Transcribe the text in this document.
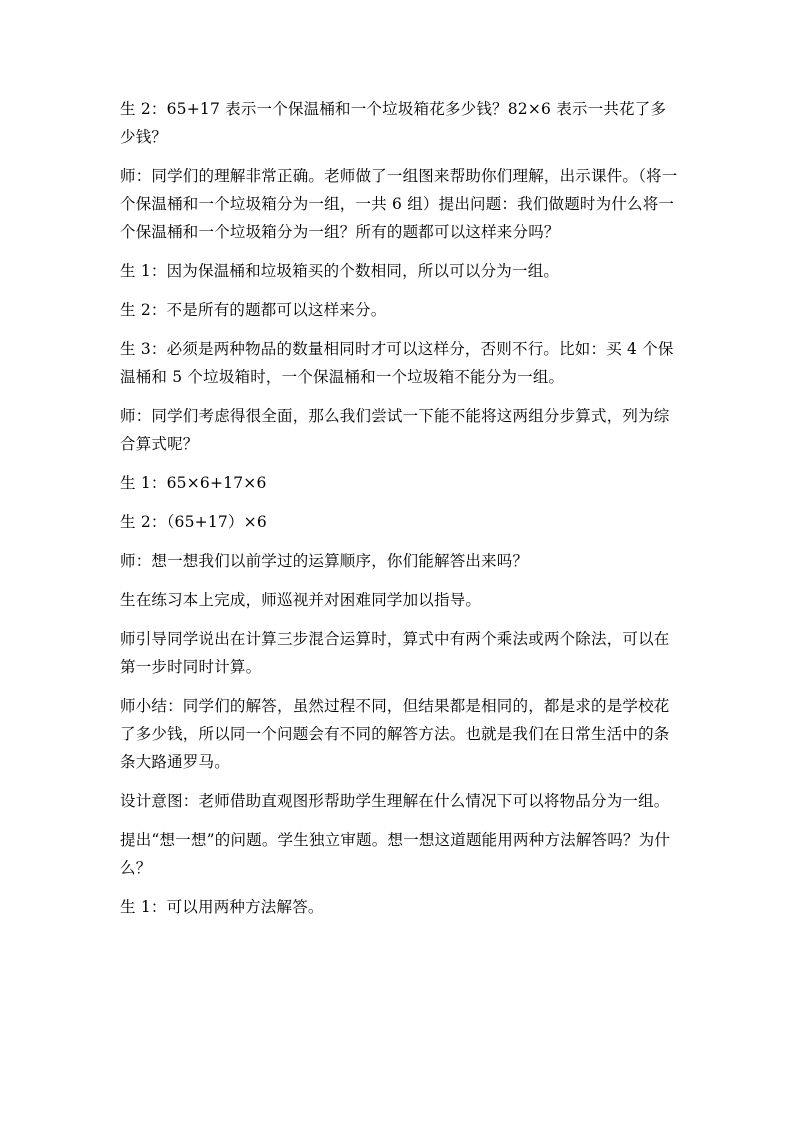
生 2：65+17 表示一个保温桶和一个垃圾箱花多少钱？82×6 表示一共花了多少钱？

师：同学们的理解非常正确。老师做了一组图来帮助你们理解，出示课件。（将一个保温桶和一个垃圾箱分为一组，一共 6 组）提出问题：我们做题时为什么将一个保温桶和一个垃圾箱分为一组？所有的题都可以这样来分吗？

生 1：因为保温桶和垃圾箱买的个数相同，所以可以分为一组。

生 2：不是所有的题都可以这样来分。

生 3：必须是两种物品的数量相同时才可以这样分，否则不行。比如：买 4 个保温桶和 5 个垃圾箱时，一个保温桶和一个垃圾箱不能分为一组。

师：同学们考虑得很全面，那么我们尝试一下能不能将这两组分步算式，列为综合算式呢？

生 1：65×6+17×6

生 2：（65+17）×6

师：想一想我们以前学过的运算顺序，你们能解答出来吗？

生在练习本上完成，师巡视并对困难同学加以指导。

师引导同学说出在计算三步混合运算时，算式中有两个乘法或两个除法，可以在第一步时同时计算。

师小结：同学们的解答，虽然过程不同，但结果都是相同的，都是求的是学校花了多少钱，所以同一个问题会有不同的解答方法。也就是我们在日常生活中的条条大路通罗马。

设计意图：老师借助直观图形帮助学生理解在什么情况下可以将物品分为一组。

提出“想一想”的问题。学生独立审题。想一想这道题能用两种方法解答吗？为什么？

生 1：可以用两种方法解答。
